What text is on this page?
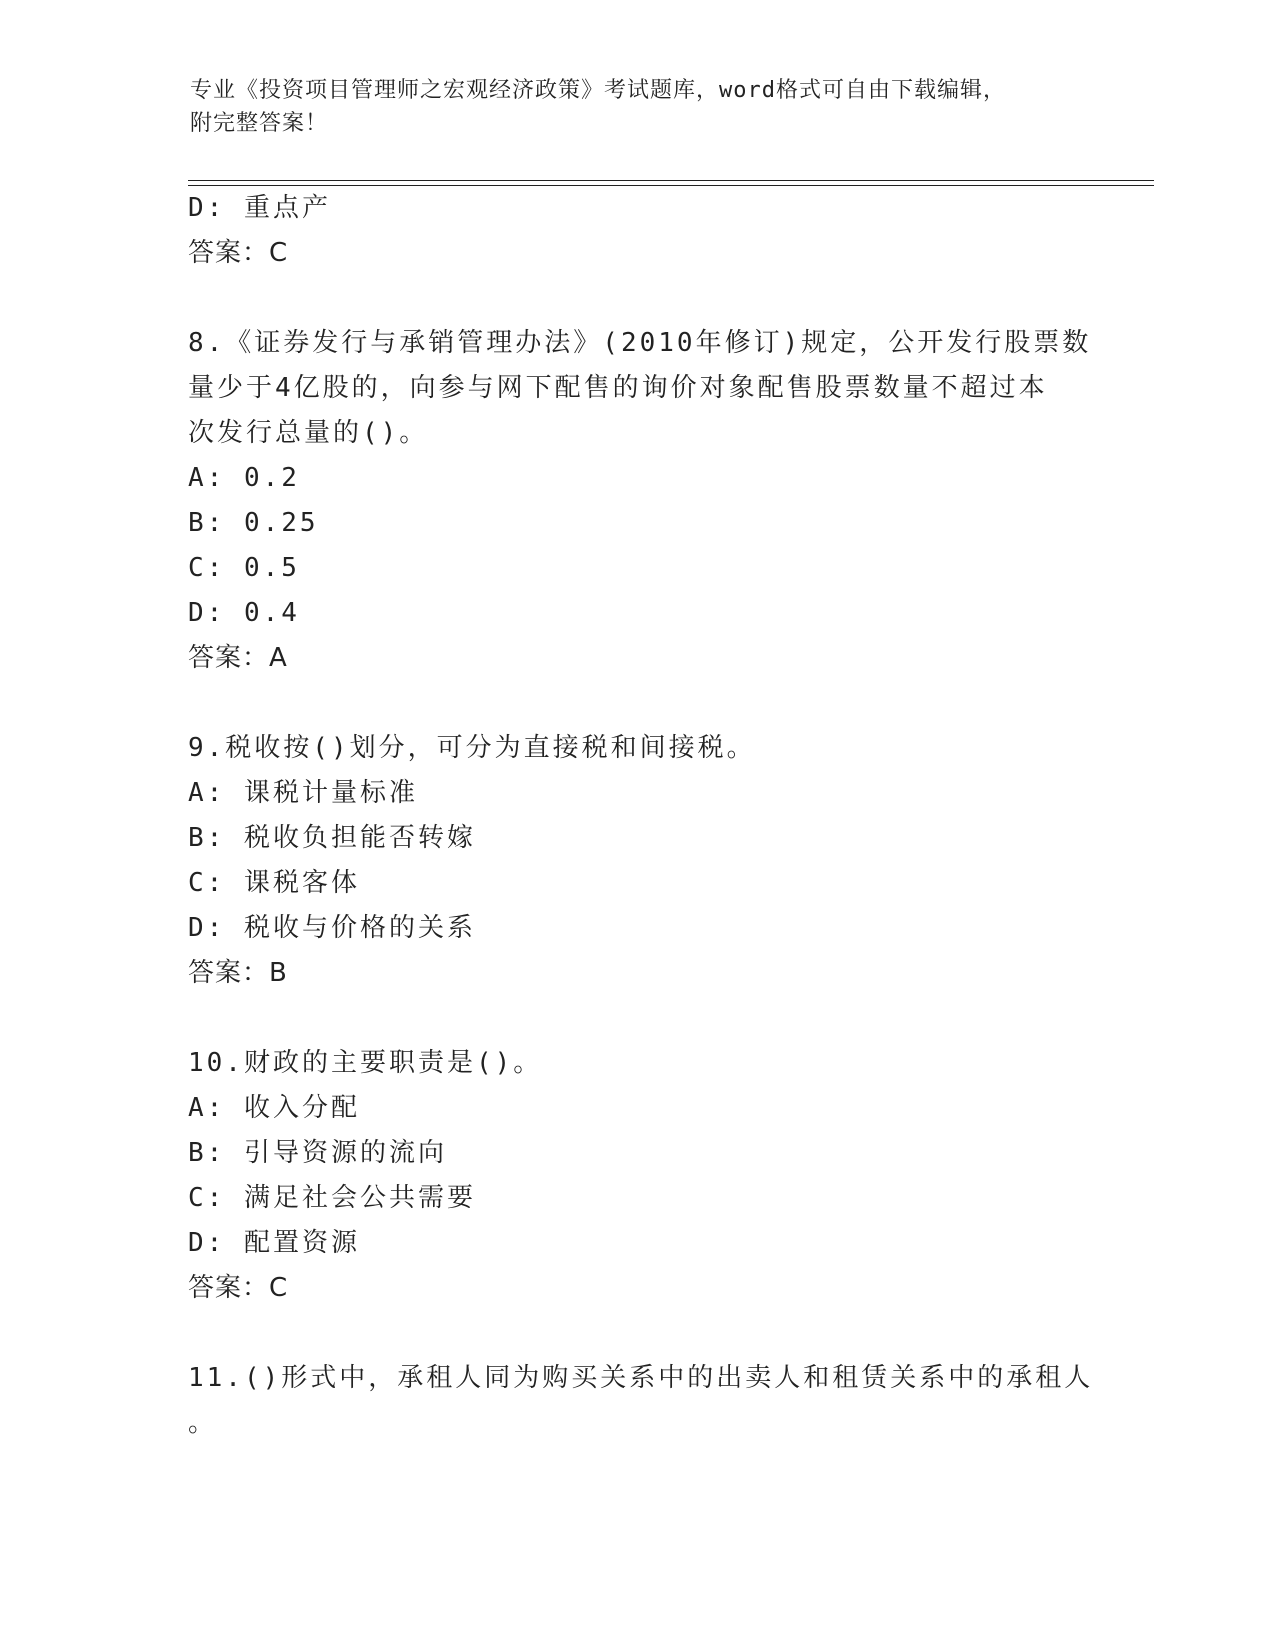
专业《投资项目管理师之宏观经济政策》考试题库，word格式可自由下载编辑，
附完整答案！
D: 重点产
答案：C
8.《证券发行与承销管理办法》(2010年修订)规定，公开发行股票数
量少于4亿股的，向参与网下配售的询价对象配售股票数量不超过本
次发行总量的()。
A: 0.2
B: 0.25
C: 0.5
D: 0.4
答案：A
9.税收按()划分，可分为直接税和间接税。
A: 课税计量标准
B: 税收负担能否转嫁
C: 课税客体
D: 税收与价格的关系
答案：B
10.财政的主要职责是()。
A: 收入分配
B: 引导资源的流向
C: 满足社会公共需要
D: 配置资源
答案：C
11.()形式中，承租人同为购买关系中的出卖人和租赁关系中的承租人
。
